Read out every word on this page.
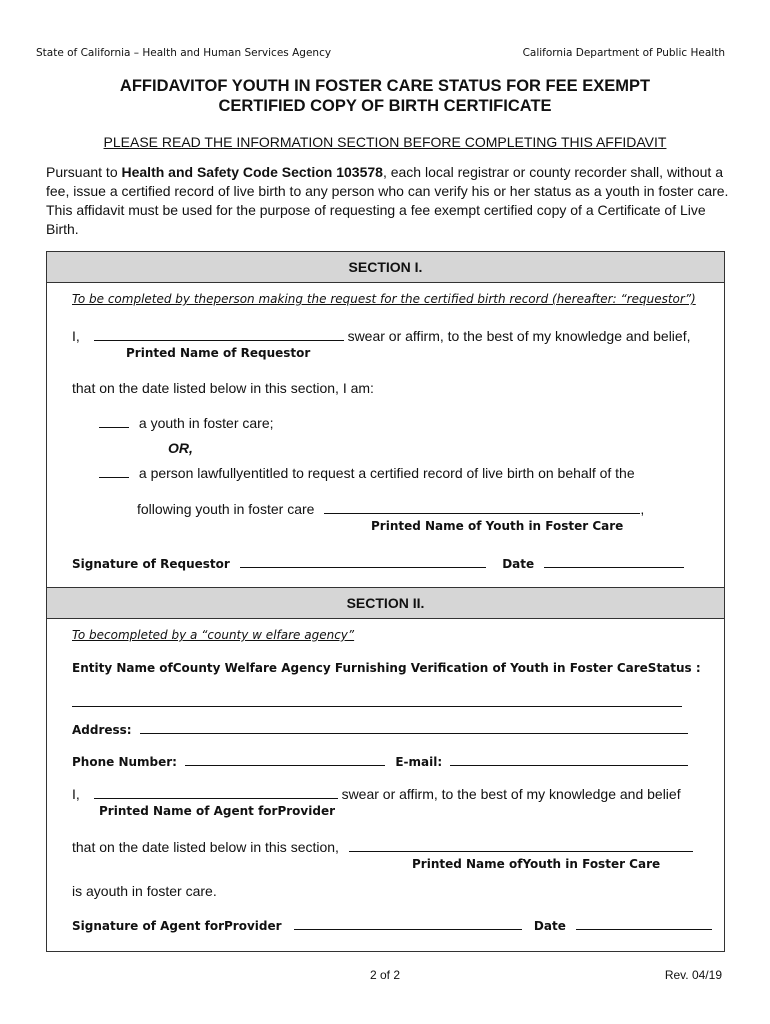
State of California – Health and Human Services Agency	California Department of Public Health
AFFIDAVITOF YOUTH IN FOSTER CARE STATUS FOR FEE EXEMPT
CERTIFIED COPY OF BIRTH CERTIFICATE
PLEASE READ THE INFORMATION SECTION BEFORE COMPLETING THIS AFFIDAVIT
Pursuant to Health and Safety Code Section 103578, each local registrar or county recorder shall, without a fee, issue a certified record of live birth to any person who can verify his or her status as a youth in foster care. This affidavit must be used for the purpose of requesting a fee exempt certified copy of a Certificate of Live Birth.
SECTION I.
To be completed by theperson making the request for the certified birth record (hereafter: “requestor”)
I,	swear or affirm, to the best of my knowledge and belief,
Printed Name of Requestor
that on the date listed below in this section, I am:
a youth in foster care;
OR,
a person lawfullyentitled to request a certified record of live birth on behalf of the
following youth in foster care	,
Printed Name of Youth in Foster Care
Signature of Requestor	Date
SECTION II.
To becompleted by a “county w elfare agency”
Entity Name ofCounty Welfare Agency Furnishing Verification of Youth in Foster CareStatus :
Address:
Phone Number:	E-mail:
I,	swear or affirm, to the best of my knowledge and belief
Printed Name of Agent forProvider
that on the date listed below in this section,
Printed Name ofYouth in Foster Care
is ayouth in foster care.
Signature of Agent forProvider	Date
2 of 2	Rev. 04/19
